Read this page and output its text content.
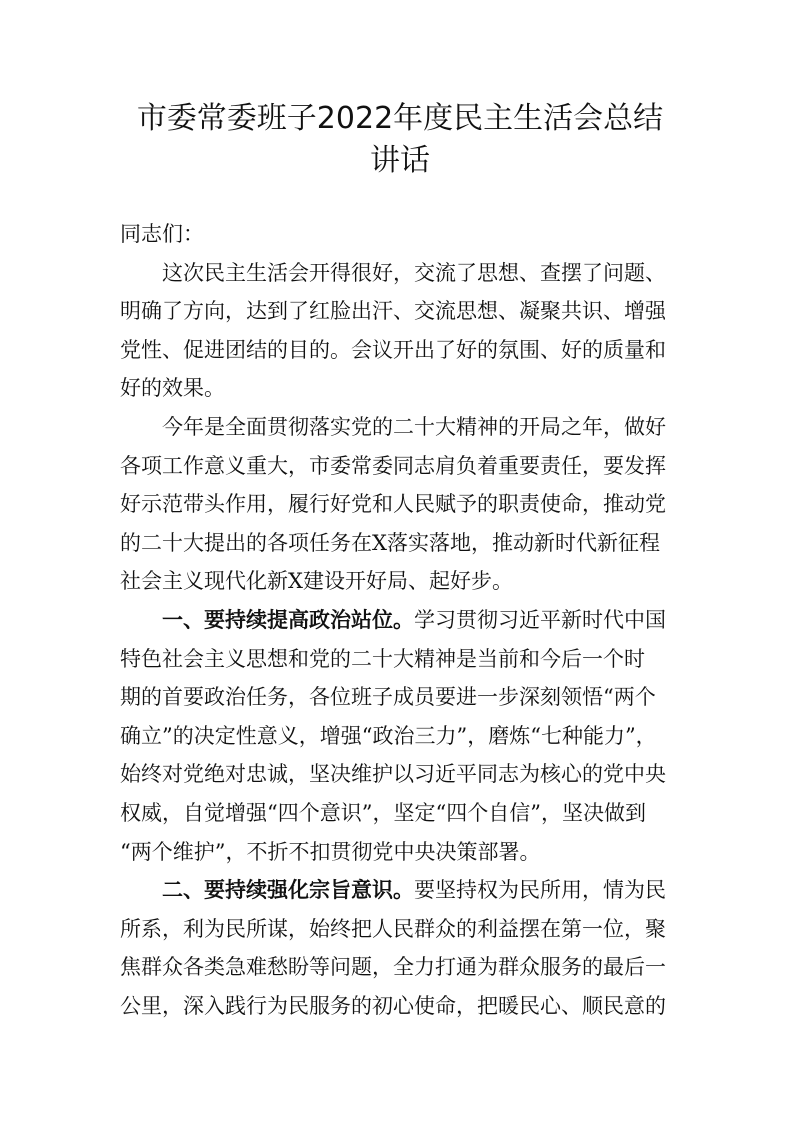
市委常委班子2022年度民主生活会总结
讲话
同志们：
这次民主生活会开得很好，交流了思想、查摆了问题、
明确了方向，达到了红脸出汗、交流思想、凝聚共识、增强
党性、促进团结的目的。会议开出了好的氛围、好的质量和
好的效果。
今年是全面贯彻落实党的二十大精神的开局之年，做好
各项工作意义重大，市委常委同志肩负着重要责任，要发挥
好示范带头作用，履行好党和人民赋予的职责使命，推动党
的二十大提出的各项任务在X落实落地，推动新时代新征程
社会主义现代化新X建设开好局、起好步。
一、要持续提高政治站位。学习贯彻习近平新时代中国
特色社会主义思想和党的二十大精神是当前和今后一个时
期的首要政治任务，各位班子成员要进一步深刻领悟“两个
确立”的决定性意义，增强“政治三力”，磨炼“七种能力”，
始终对党绝对忠诚，坚决维护以习近平同志为核心的党中央
权威，自觉增强“四个意识”，坚定“四个自信”，坚决做到
“两个维护”，不折不扣贯彻党中央决策部署。
二、要持续强化宗旨意识。要坚持权为民所用，情为民
所系，利为民所谋，始终把人民群众的利益摆在第一位，聚
焦群众各类急难愁盼等问题，全力打通为群众服务的最后一
公里，深入践行为民服务的初心使命，把暖民心、顺民意的
